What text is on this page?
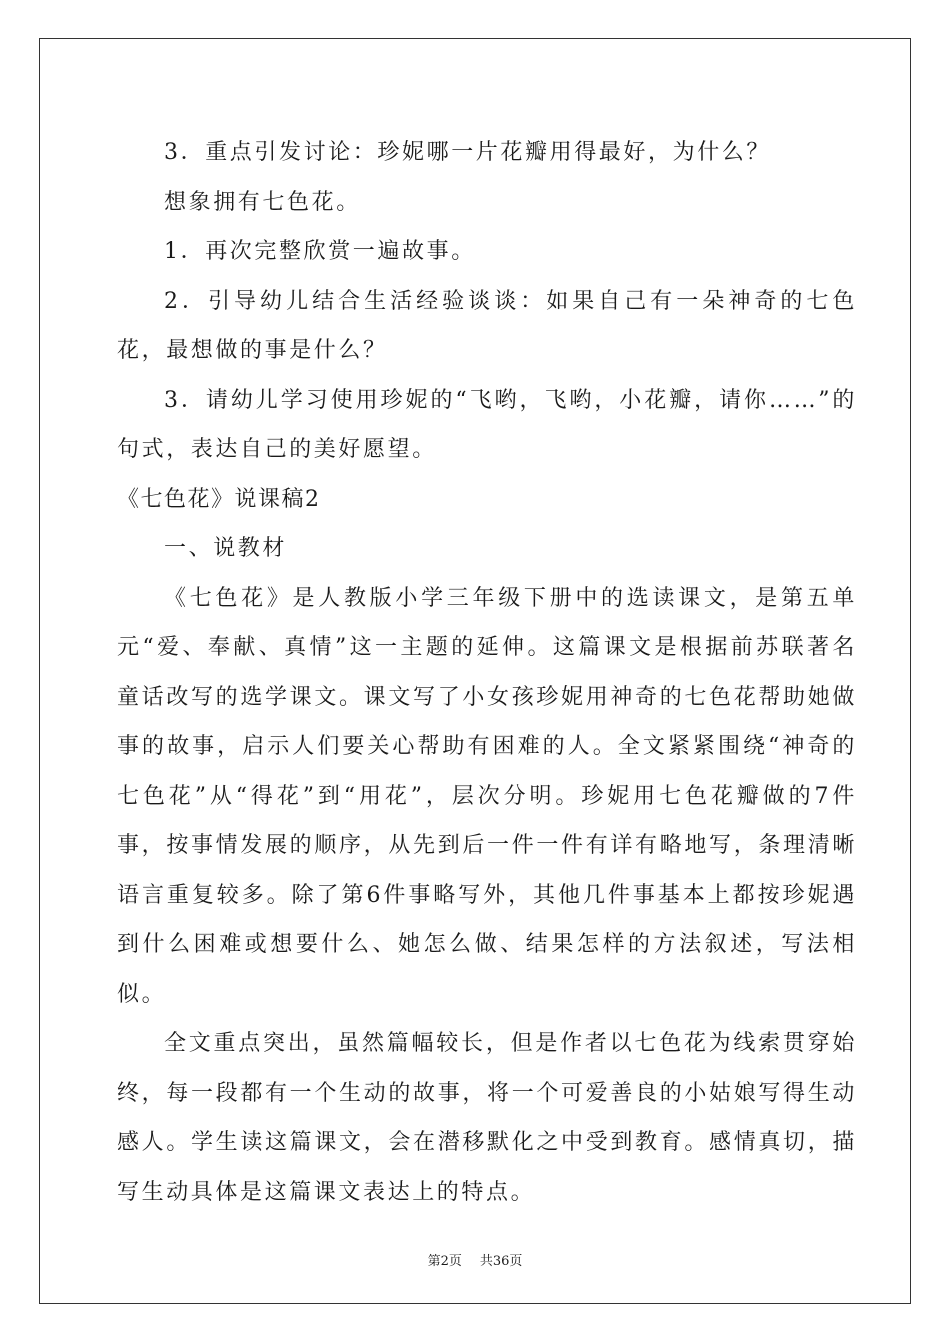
3．重点引发讨论：珍妮哪一片花瓣用得最好，为什么？

想象拥有七色花。

1．再次完整欣赏一遍故事。

2．引导幼儿结合生活经验谈谈：如果自己有一朵神奇的七色花，最想做的事是什么？

3．请幼儿学习使用珍妮的“飞哟，飞哟，小花瓣，请你……”的句式，表达自己的美好愿望。

《七色花》说课稿2

一、说教材

《七色花》是人教版小学三年级下册中的选读课文，是第五单元“爱、奉献、真情”这一主题的延伸。这篇课文是根据前苏联著名童话改写的选学课文。课文写了小女孩珍妮用神奇的七色花帮助她做事的故事，启示人们要关心帮助有困难的人。全文紧紧围绕“神奇的七色花”从“得花”到“用花”，层次分明。珍妮用七色花瓣做的7件事，按事情发展的顺序，从先到后一件一件有详有略地写，条理清晰语言重复较多。除了第6件事略写外，其他几件事基本上都按珍妮遇到什么困难或想要什么、她怎么做、结果怎样的方法叙述，写法相似。

全文重点突出，虽然篇幅较长，但是作者以七色花为线索贯穿始终，每一段都有一个生动的故事，将一个可爱善良的小姑娘写得生动感人。学生读这篇课文，会在潜移默化之中受到教育。感情真切，描写生动具体是这篇课文表达上的特点。

第2页 共36页
